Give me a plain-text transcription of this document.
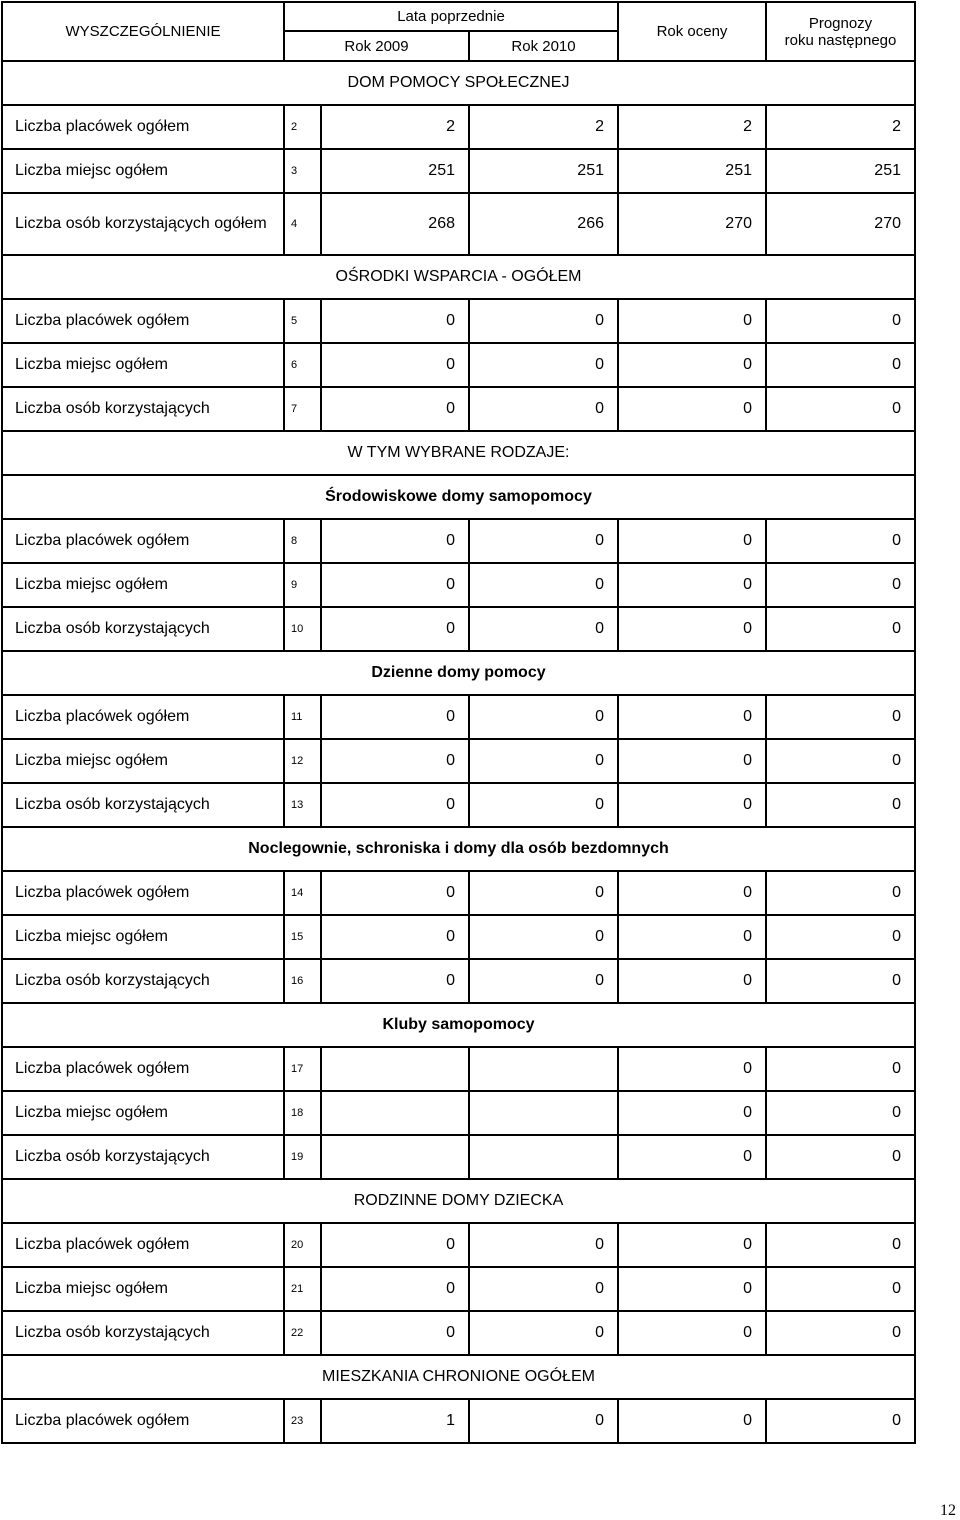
WYSZCZEGÓLNIENIE	Lata poprzednie			Rok oceny	Prognozy
roku następnego
	Rok 2009		Rok 2010		
DOM POMOCY SPOŁECZNEJ					
Liczba placówek ogółem	2	2	2	2	2
Liczba miejsc ogółem	3	251	251	251	251
Liczba osób korzystających ogółem	4	268	266	270	270
OŚRODKI WSPARCIA - OGÓŁEM					
Liczba placówek ogółem	5	0	0	0	0
Liczba miejsc ogółem	6	0	0	0	0
Liczba osób korzystających	7	0	0	0	0
W TYM WYBRANE RODZAJE:					
Środowiskowe domy samopomocy					
Liczba placówek ogółem	8	0	0	0	0
Liczba miejsc ogółem	9	0	0	0	0
Liczba osób korzystających	10	0	0	0	0
Dzienne domy pomocy					
Liczba placówek ogółem	11	0	0	0	0
Liczba miejsc ogółem	12	0	0	0	0
Liczba osób korzystających	13	0	0	0	0
Noclegownie, schroniska i domy dla osób bezdomnych					
Liczba placówek ogółem	14	0	0	0	0
Liczba miejsc ogółem	15	0	0	0	0
Liczba osób korzystających	16	0	0	0	0
Kluby samopomocy					
Liczba placówek ogółem	17			0	0
Liczba miejsc ogółem	18			0	0
Liczba osób korzystających	19			0	0
RODZINNE DOMY DZIECKA					
Liczba placówek ogółem	20	0	0	0	0
Liczba miejsc ogółem	21	0	0	0	0
Liczba osób korzystających	22	0	0	0	0
MIESZKANIA CHRONIONE OGÓŁEM					
Liczba placówek ogółem	23	1	0	0	0
12
